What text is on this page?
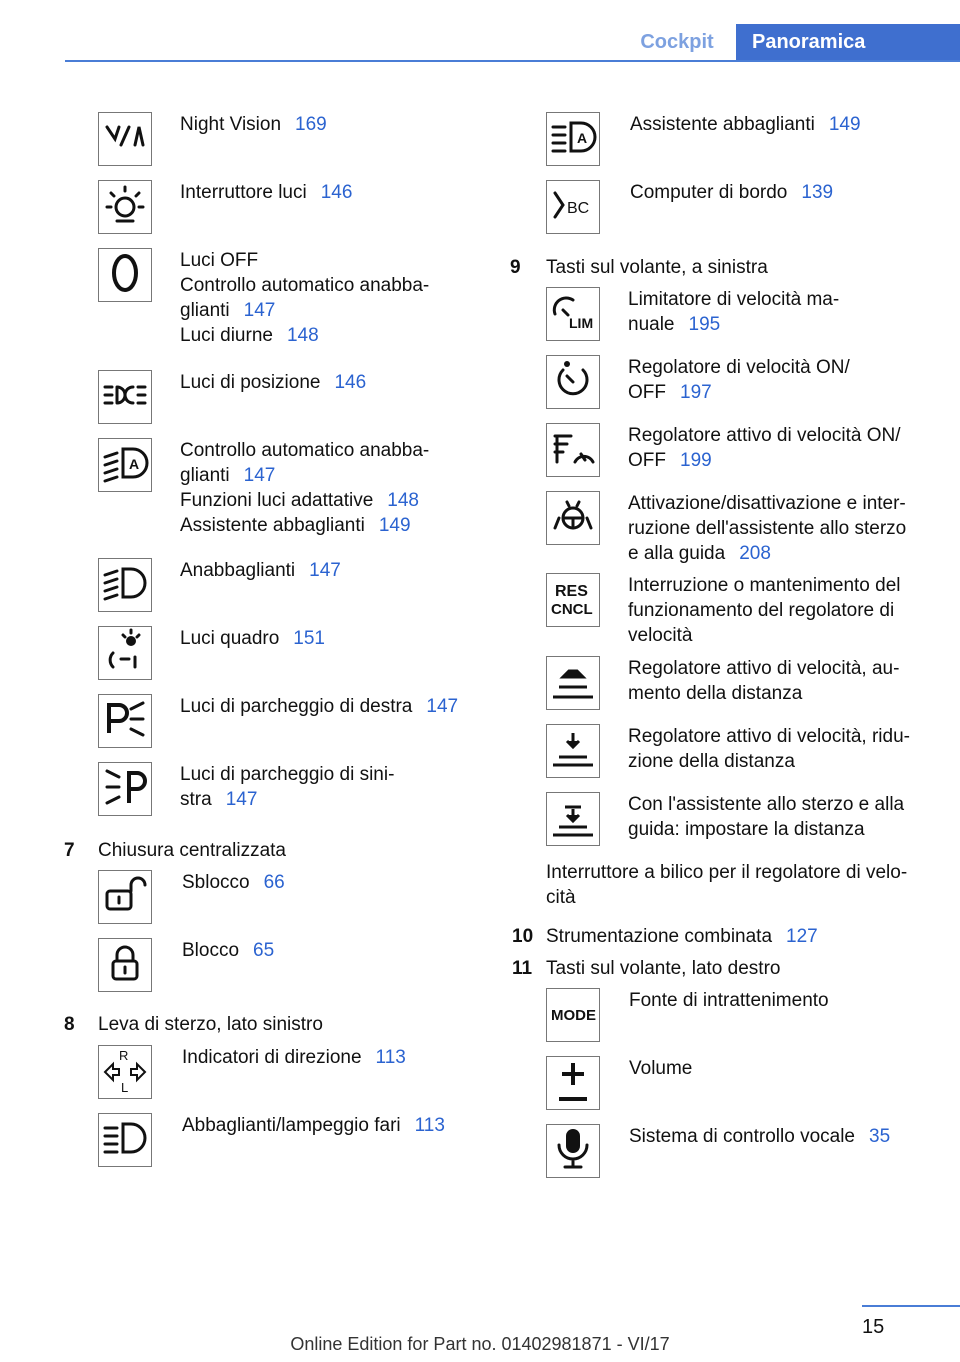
Cockpit	Panoramica
Night Vision 169
Interruttore luci 146
Luci OFF
Controllo automatico anabba-
glianti 147
Luci diurne 148
Luci di posizione 146
A
Controllo automatico anabba-
glianti 147
Funzioni luci adattative 148
Assistente abbaglianti 149
Anabbaglianti 147
Luci quadro 151
Luci di parcheggio di destra 147
Luci di parcheggio di sini-
stra 147
7 Chiusura centralizzata
Sblocco 66
Blocco 65
8 Leva di sterzo, lato sinistro
R
L
Indicatori di direzione 113
Abbaglianti/lampeggio fari 113
A
Assistente abbaglianti 149
BC
Computer di bordo 139
9 Tasti sul volante, a sinistra
LIM
Limitatore di velocità ma-
nuale 195
Regolatore di velocità ON/
OFF 197
Regolatore attivo di velocità ON/
OFF 199
Attivazione/disattivazione e inter-
ruzione dell'assistente allo sterzo
e alla guida 208
RES
CNCL
Interruzione o mantenimento del
funzionamento del regolatore di
velocità
Regolatore attivo di velocità, au-
mento della distanza
Regolatore attivo di velocità, ridu-
zione della distanza
Con l'assistente allo sterzo e alla
guida: impostare la distanza
Interruttore a bilico per il regolatore di velo-
cità
10 Strumentazione combinata 127
11 Tasti sul volante, lato destro
MODE
Fonte di intrattenimento
Volume
Sistema di controllo vocale 35
15
Online Edition for Part no. 01402981871 - VI/17
